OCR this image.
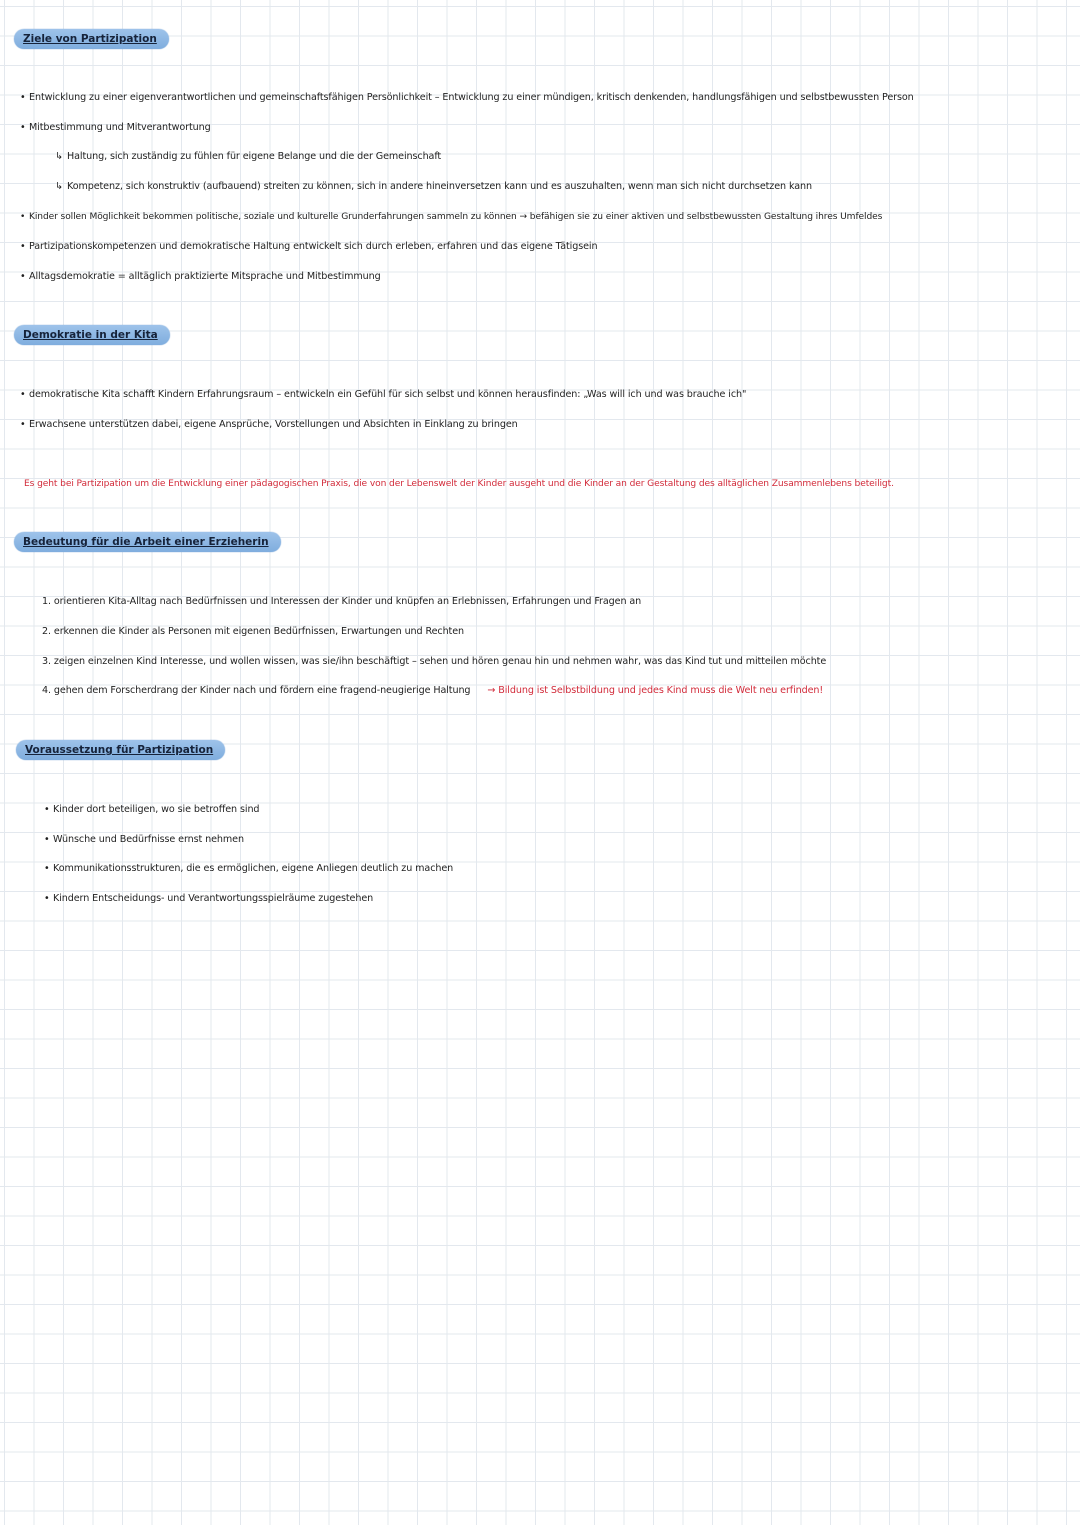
Ziele von Partizipation
• Entwicklung zu einer eigenverantwortlichen und gemeinschaftsfähigen Persönlichkeit – Entwicklung zu einer mündigen, kritisch denkenden, handlungsfähigen und selbstbewussten Person
• Mitbestimmung und Mitverantwortung
↳ Haltung, sich zuständig zu fühlen für eigene Belange und die der Gemeinschaft
↳ Kompetenz, sich konstruktiv (aufbauend) streiten zu können, sich in andere hineinversetzen kann und es auszuhalten, wenn man sich nicht durchsetzen kann
• Kinder sollen Möglichkeit bekommen politische, soziale und kulturelle Grunderfahrungen sammeln zu können → befähigen sie zu einer aktiven und selbstbewussten Gestaltung ihres Umfeldes
• Partizipationskompetenzen und demokratische Haltung entwickelt sich durch erleben, erfahren und das eigene Tätigsein
• Alltagsdemokratie = alltäglich praktizierte Mitsprache und Mitbestimmung
Demokratie in der Kita
• demokratische Kita schafft Kindern Erfahrungsraum – entwickeln ein Gefühl für sich selbst und können herausfinden: „Was will ich und was brauche ich"
• Erwachsene unterstützen dabei, eigene Ansprüche, Vorstellungen und Absichten in Einklang zu bringen
Es geht bei Partizipation um die Entwicklung einer pädagogischen Praxis, die von der Lebenswelt der Kinder ausgeht und die Kinder an der Gestaltung des alltäglichen Zusammenlebens beteiligt.
Bedeutung für die Arbeit einer Erzieherin
1. orientieren Kita-Alltag nach Bedürfnissen und Interessen der Kinder und knüpfen an Erlebnissen, Erfahrungen und Fragen an
2. erkennen die Kinder als Personen mit eigenen Bedürfnissen, Erwartungen und Rechten
3. zeigen einzelnen Kind Interesse, und wollen wissen, was sie/ihn beschäftigt – sehen und hören genau hin und nehmen wahr, was das Kind tut und mitteilen möchte
4. gehen dem Forscherdrang der Kinder nach und fördern eine fragend-neugierige Haltung → Bildung ist Selbstbildung und jedes Kind muss die Welt neu erfinden!
Voraussetzung für Partizipation
• Kinder dort beteiligen, wo sie betroffen sind
• Wünsche und Bedürfnisse ernst nehmen
• Kommunikationsstrukturen, die es ermöglichen, eigene Anliegen deutlich zu machen
• Kindern Entscheidungs- und Verantwortungsspielräume zugestehen
